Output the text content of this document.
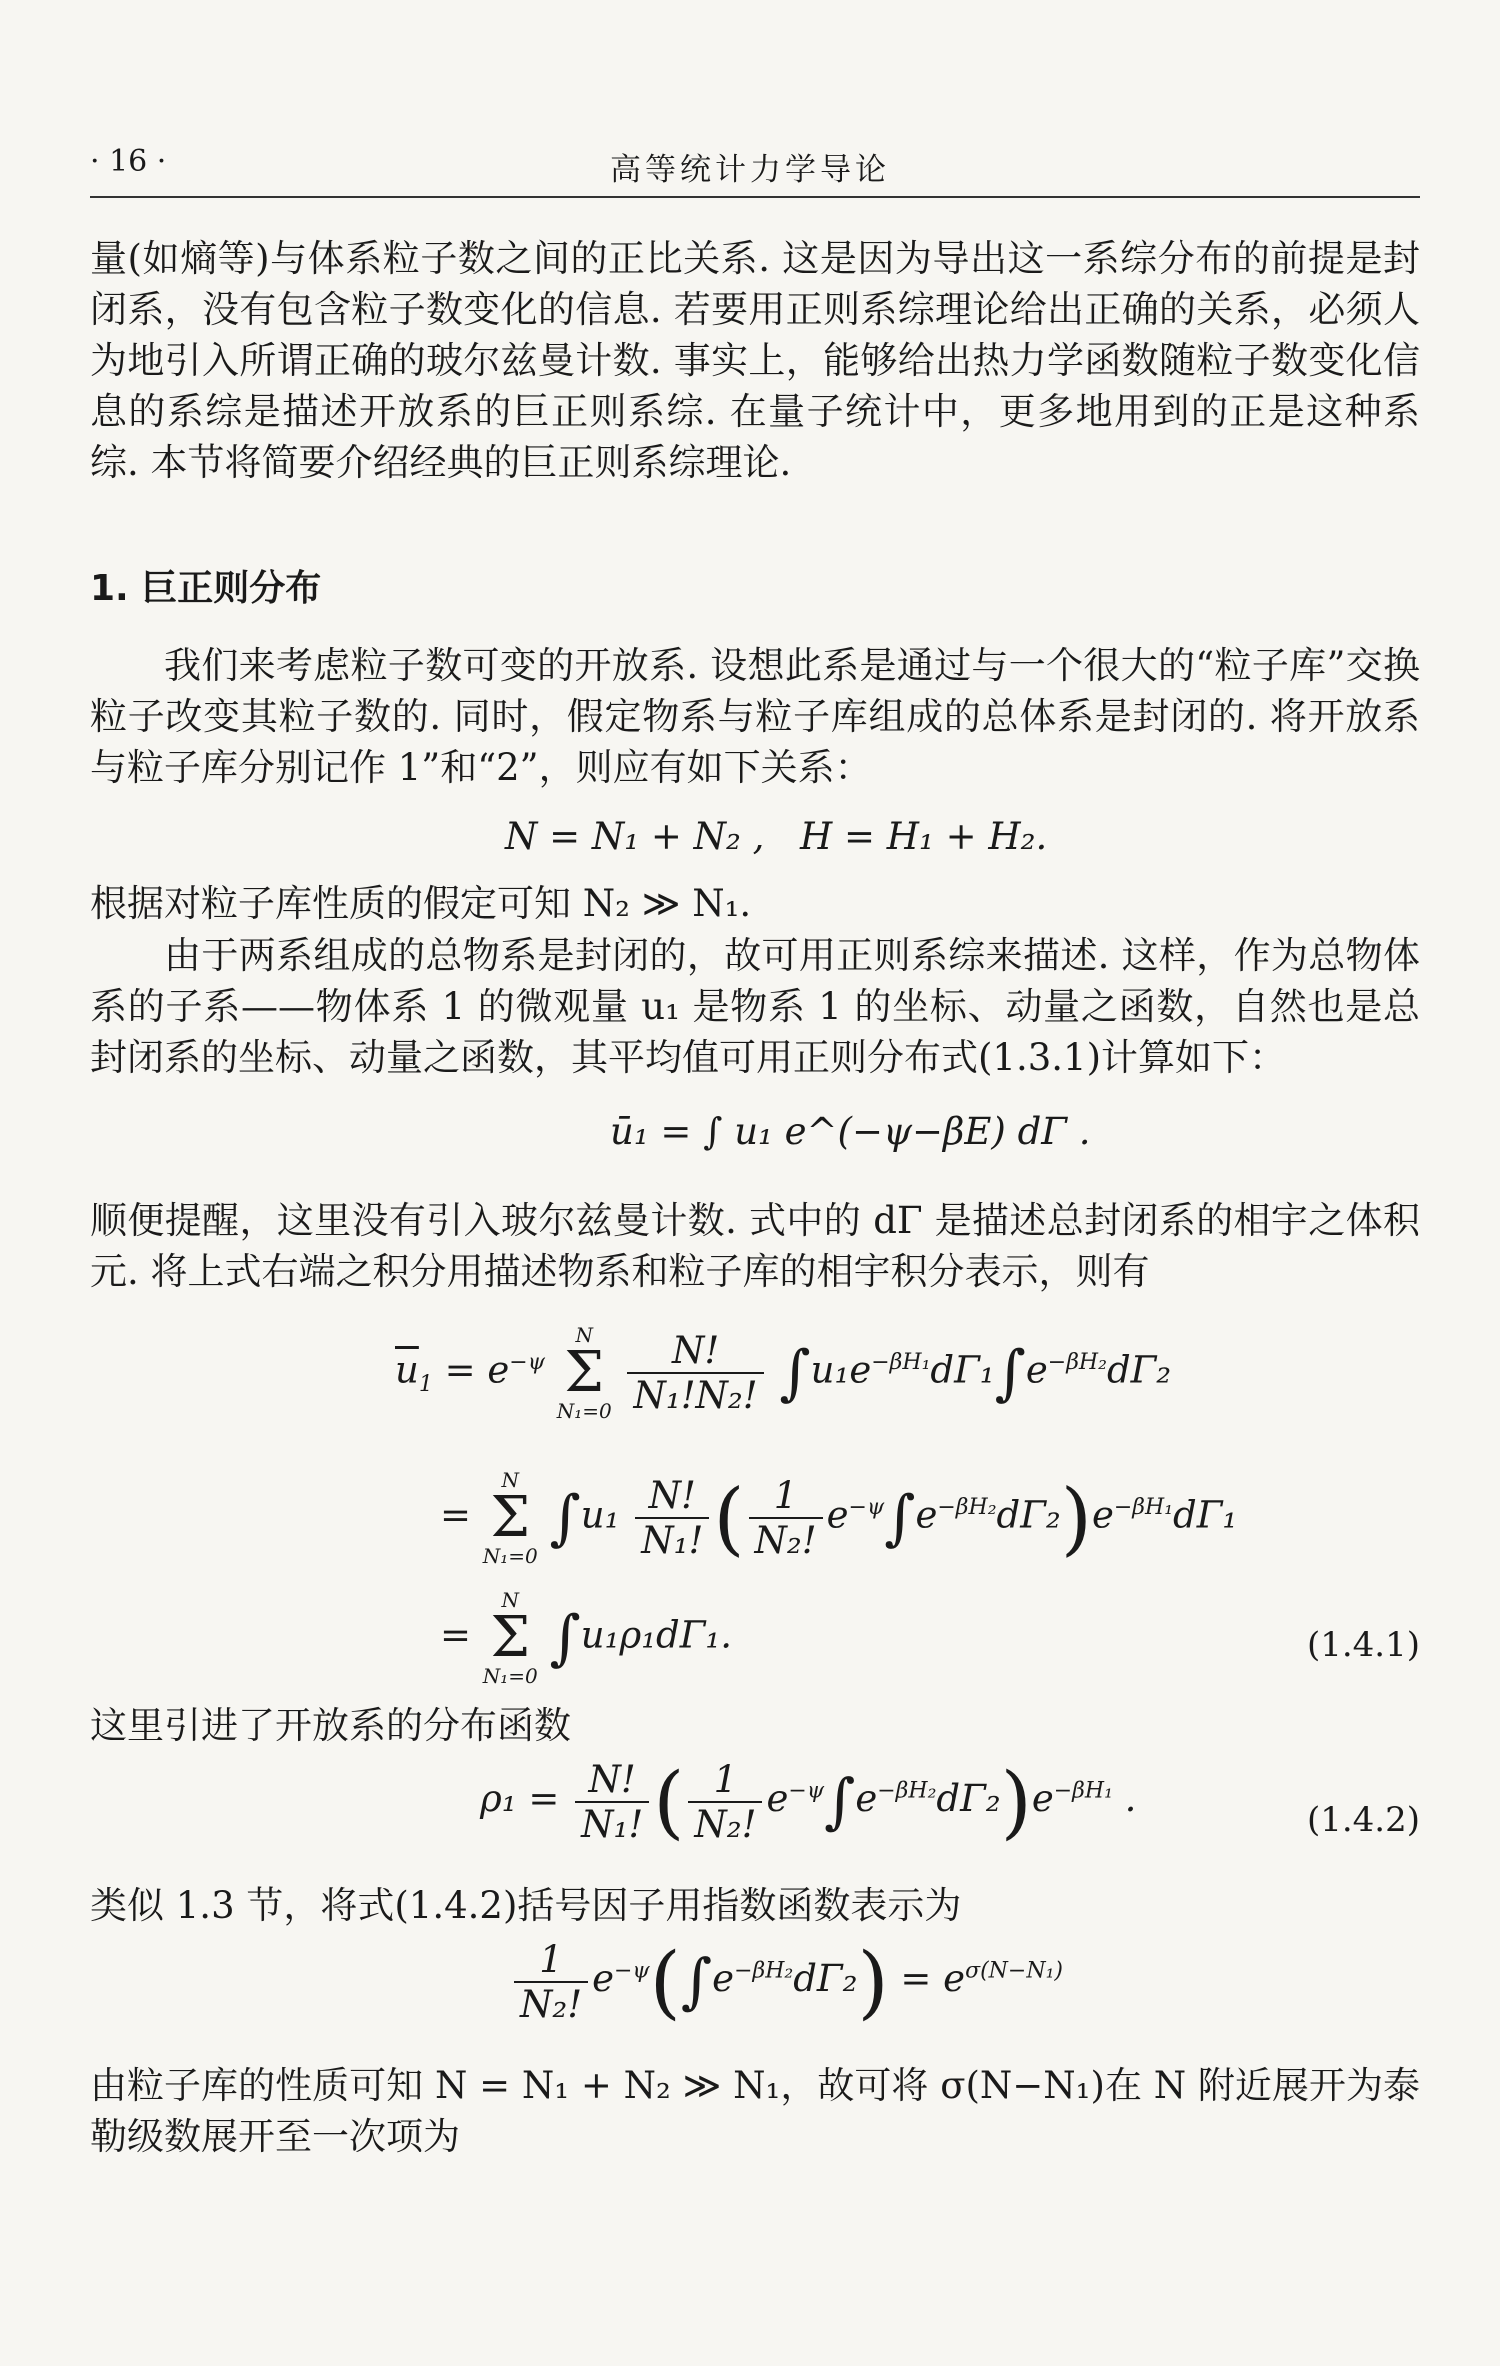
· 16 ·	高等统计力学导论

量(如熵等)与体系粒子数之间的正比关系. 这是因为导出这一系综分布的前提是封闭系，没有包含粒子数变化的信息. 若要用正则系综理论给出正确的关系，必须人为地引入所谓正确的玻尔兹曼计数. 事实上，能够给出热力学函数随粒子数变化信息的系综是描述开放系的巨正则系综. 在量子统计中，更多地用到的正是这种系综. 本节将简要介绍经典的巨正则系综理论.

1. 巨正则分布

我们来考虑粒子数可变的开放系. 设想此系是通过与一个很大的“粒子库”交换粒子改变其粒子数的. 同时，假定物系与粒子库组成的总体系是封闭的. 将开放系与粒子库分别记作 1”和“2”，则应有如下关系：

N = N₁ + N₂ , H = H₁ + H₂.

根据对粒子库性质的假定可知 N₂ ≫ N₁.

由于两系组成的总物系是封闭的，故可用正则系综来描述. 这样，作为总物体系的子系——物体系 1 的微观量 u₁ 是物系 1 的坐标、动量之函数，自然也是总封闭系的坐标、动量之函数，其平均值可用正则分布式(1.3.1)计算如下：

ū₁ = ∫ u₁ e^(−ψ−βE) dΓ .

顺便提醒，这里没有引入玻尔兹曼计数. 式中的 dΓ 是描述总封闭系的相宇之体积元. 将上式右端之积分用描述物系和粒子库的相宇积分表示，则有

$\overline{u}_1 = e^{-\psi}$
N
Σ
N₁=0
$\frac{N!}{\text{N₁!N₂!}} \int u_1e^{-\beta H_1}d\Gamma_1\int e^{-\beta H_2}d\Gamma_2$
=
N
Σ
N₁=0
$\int u_1 \frac{N!}{\text{N₁!}}$ ( $\frac{1}{\text{N₂!}} e^{-\psi}\int e^{-\beta H_2}d\Gamma_2)e^{-\beta H_1}d\Gamma_1$
=
N
Σ
N₁=0
∫u₁ρ₁dΓ₁.	(1.4.1)

这里引进了开放系的分布函数

$\rho_1 = \frac{N!}{\text{N₁!}}$ ( $\frac{1}{\text{N₂!}} e^{-\psi}\int e^{-\beta H_2}d\Gamma_2)e^{-\beta H_1}$ .	(1.4.2)

类似 1.3 节，将式(1.4.2)括号因子用指数函数表示为

$\frac{1}{\text{N₂!}} e^{-\psi}(\int e^{-\beta H_2}d\Gamma_2) = e^{\sigma(N-N_1)}$

由粒子库的性质可知 N = N₁ + N₂ ≫ N₁，故可将 σ(N−N₁)在 N 附近展开为泰勒级数展开至一次项为
